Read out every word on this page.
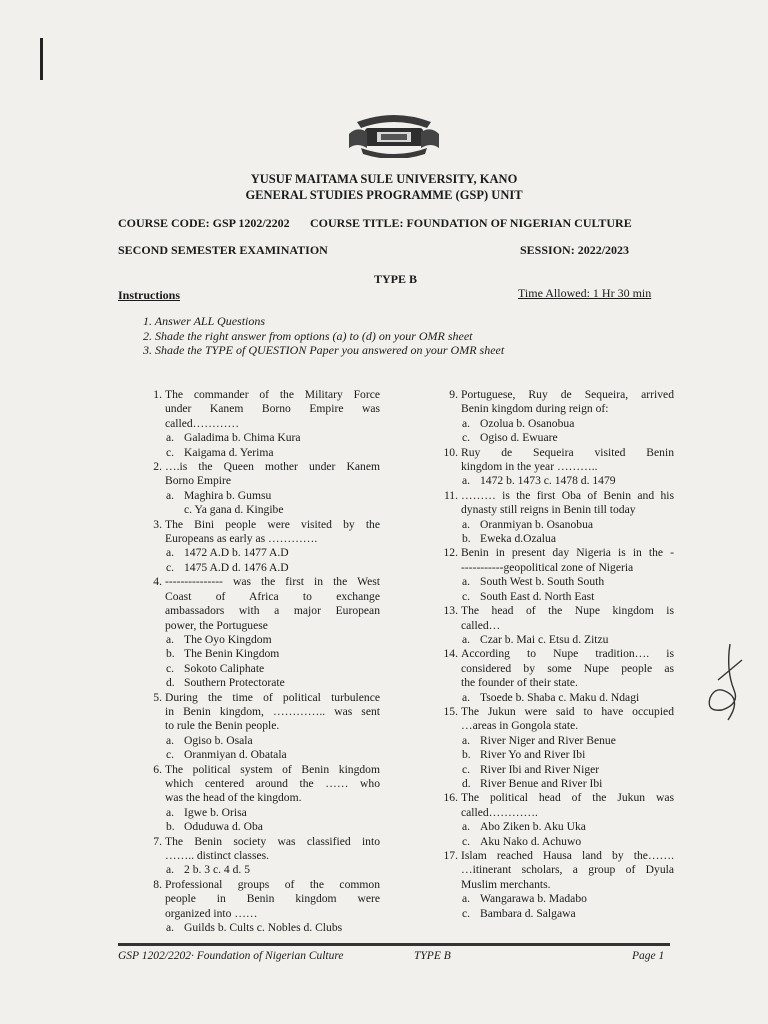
YUSUF MAITAMA SULE UNIVERSITY, KANO
GENERAL STUDIES PROGRAMME (GSP) UNIT
COURSE CODE: GSP 1202/2202 COURSE TITLE: FOUNDATION OF NIGERIAN CULTURE
SECOND SEMESTER EXAMINATION	SESSION: 2022/2023
TYPE B
Instructions	Time Allowed: 1 Hr 30 min
1. Answer ALL Questions
2. Shade the right answer from options (a) to (d) on your OMR sheet
3. Shade the TYPE of QUESTION Paper you answered on your OMR sheet
1. The commander of the Military Force
under Kanem Borno Empire was
called…………
a. Galadima b. Chima Kura
c. Kaigama d. Yerima
2. ….is the Queen mother under Kanem
Borno Empire
a. Maghira b. Gumsu
c. Ya gana d. Kingibe
3. The Bini people were visited by the
Europeans as early as ………….
a. 1472 A.D b. 1477 A.D
c. 1475 A.D d. 1476 A.D
4. --------------- was the first in the West
Coast of Africa to exchange
ambassadors with a major European
power, the Portuguese
a. The Oyo Kingdom
b. The Benin Kingdom
c. Sokoto Caliphate
d. Southern Protectorate
5. During the time of political turbulence
in Benin kingdom, ………….. was sent
to rule the Benin people.
a. Ogiso b. Osala
c. Oranmiyan d. Obatala
6. The political system of Benin kingdom
which centered around the …… who
was the head of the kingdom.
a. Igwe b. Orisa
b. Oduduwa d. Oba
7. The Benin society was classified into
…….. distinct classes.
a. 2 b. 3 c. 4 d. 5
8. Professional groups of the common
people in Benin kingdom were
organized into ……
a. Guilds b. Cults c. Nobles d. Clubs
9. Portuguese, Ruy de Sequeira, arrived
Benin kingdom during reign of:
a. Ozolua b. Osanobua
c. Ogiso d. Ewuare
10. Ruy de Sequeira visited Benin
kingdom in the year ………..
a. 1472 b. 1473 c. 1478 d. 1479
11. ……… is the first Oba of Benin and his
dynasty still reigns in Benin till today
a. Oranmiyan b. Osanobua
b. Eweka d.Ozalua
12. Benin in present day Nigeria is in the -
-----------geopolitical zone of Nigeria
a. South West b. South South
c. South East d. North East
13. The head of the Nupe kingdom is
called…
a. Czar b. Mai c. Etsu d. Zitzu
14. According to Nupe tradition…. is
considered by some Nupe people as
the founder of their state.
a. Tsoede b. Shaba c. Maku d. Ndagi
15. The Jukun were said to have occupied
…areas in Gongola state.
a. River Niger and River Benue
b. River Yo and River Ibi
c. River Ibi and River Niger
d. River Benue and River Ibi
16. The political head of the Jukun was
called………….
a. Abo Ziken b. Aku Uka
c. Aku Nako d. Achuwo
17. Islam reached Hausa land by the…….
…itinerant scholars, a group of Dyula
Muslim merchants.
a. Wangarawa b. Madabo
c. Bambara d. Salgawa
GSP 1202/2202· Foundation of Nigerian Culture	TYPE B	Page 1
